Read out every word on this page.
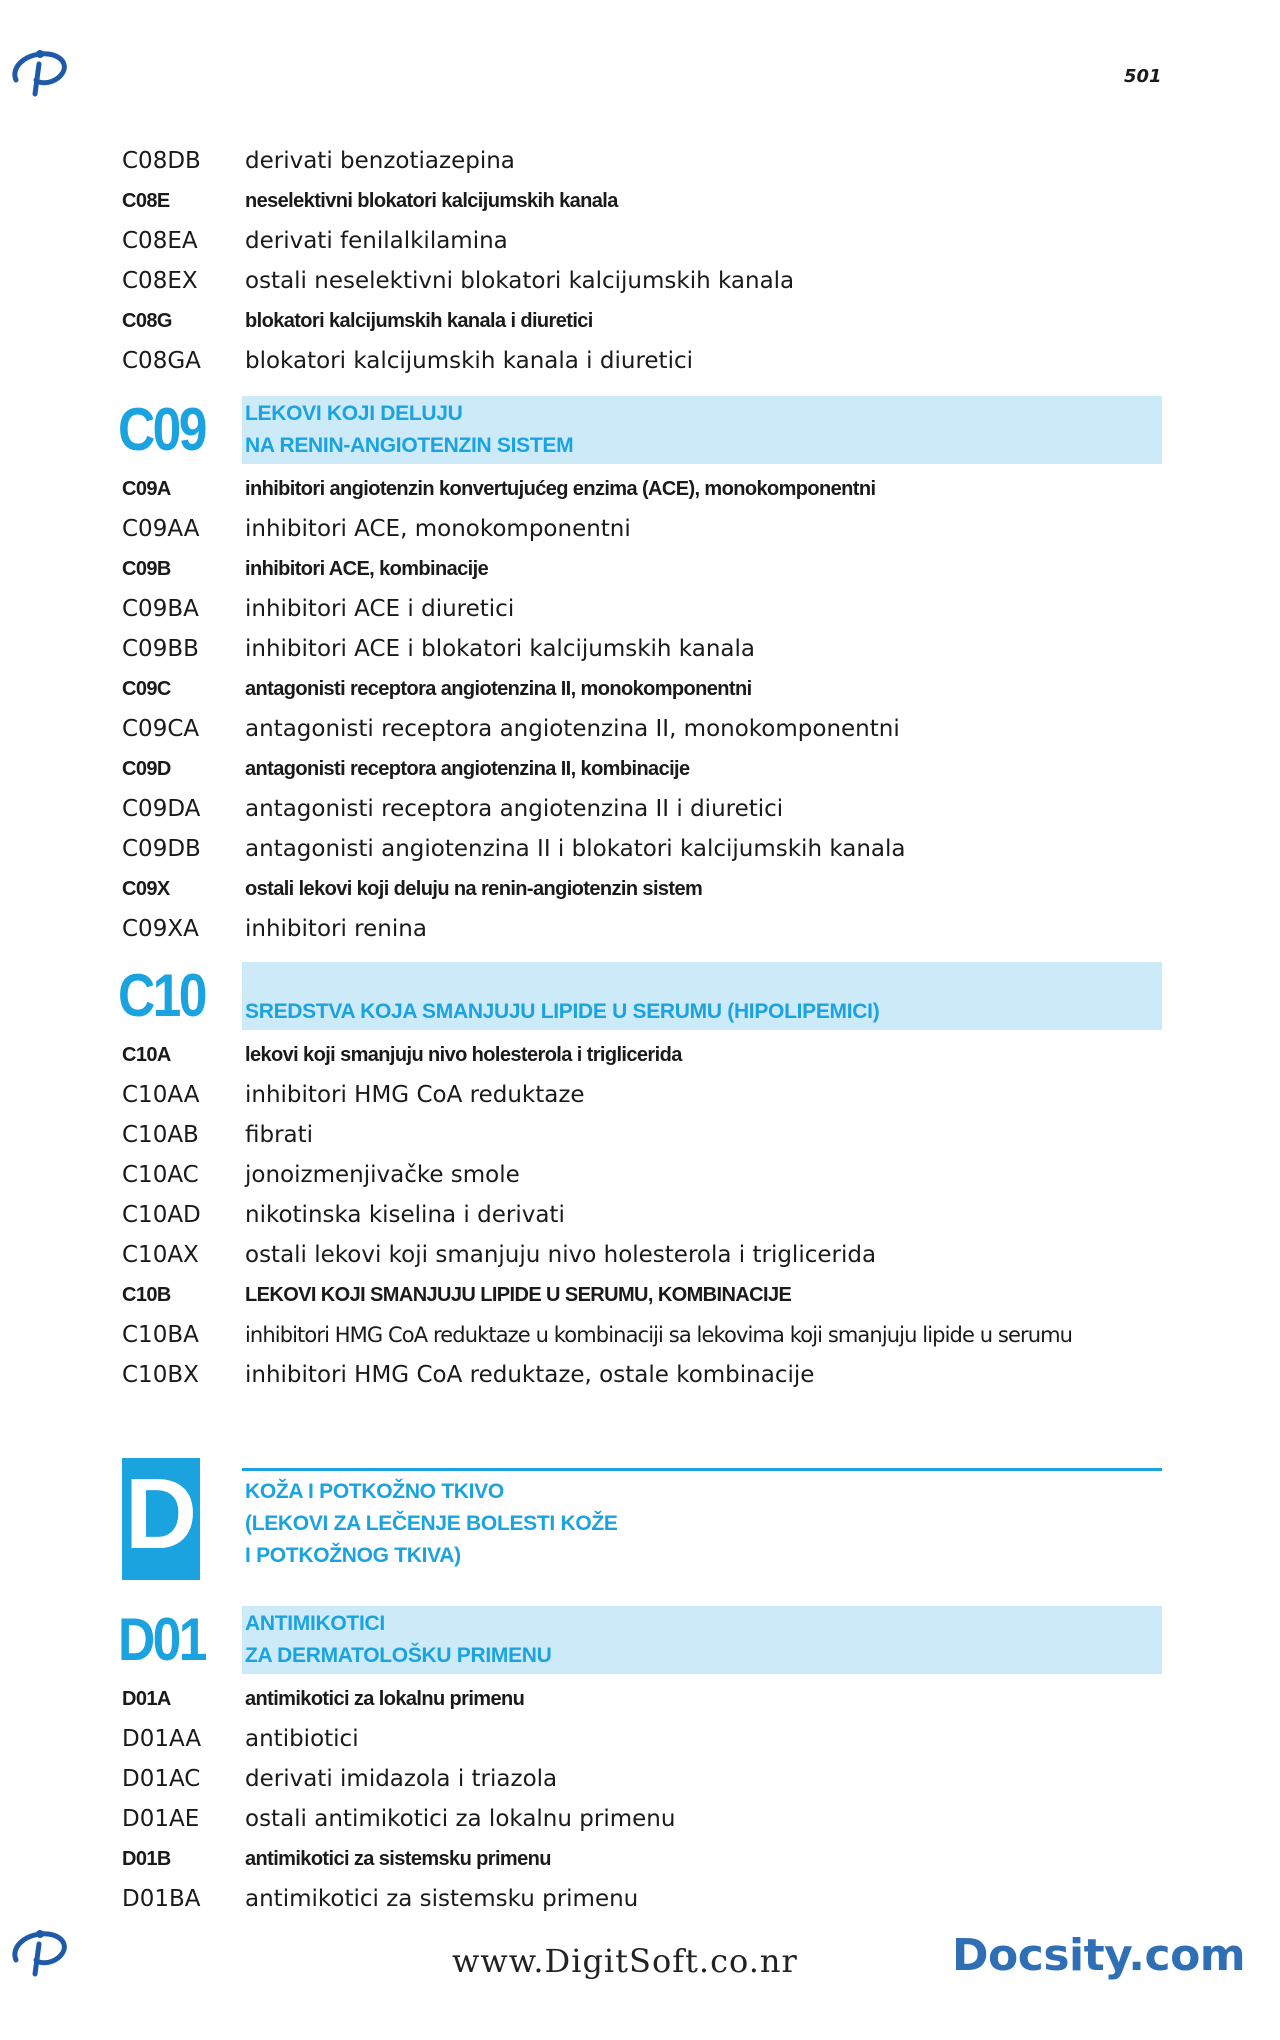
501
C08DB derivati benzotiazepina
C08E	neselektivni blokatori kalcijumskih kanala
C08EA derivati fenilalkilamina
C08EX ostali neselektivni blokatori kalcijumskih kanala
C08G	blokatori kalcijumskih kanala i diuretici
C08GA blokatori kalcijumskih kanala i diuretici
C09 LEKOVI KOJI DELUJU
NA RENIN-ANGIOTENZIN SISTEM
C09A	inhibitori angiotenzin konvertujućeg enzima (ACE), monokomponentni
C09AA inhibitori ACE, monokomponentni
C09B	inhibitori ACE, kombinacije
C09BA inhibitori ACE i diuretici
C09BB inhibitori ACE i blokatori kalcijumskih kanala
C09C	antagonisti receptora angiotenzina II, monokomponentni
C09CA antagonisti receptora angiotenzina II, monokomponentni
C09D	antagonisti receptora angiotenzina II, kombinacije
C09DA antagonisti receptora angiotenzina II i diuretici
C09DB antagonisti angiotenzina II i blokatori kalcijumskih kanala
C09X	ostali lekovi koji deluju na renin-angiotenzin sistem
C09XA inhibitori renina
C10 SREDSTVA KOJA SMANJUJU LIPIDE U SERUMU (HIPOLIPEMICI)
C10A	lekovi koji smanjuju nivo holesterola i triglicerida
C10AA inhibitori HMG CoA reduktaze
C10AB fibrati
C10AC jonoizmenjivačke smole
C10AD nikotinska kiselina i derivati
C10AX ostali lekovi koji smanjuju nivo holesterola i triglicerida
C10B	LEKOVI KOJI SMANJUJU LIPIDE U SERUMU, KOMBINACIJE
C10BA inhibitori HMG CoA reduktaze u kombinaciji sa lekovima koji smanjuju lipide u serumu
C10BX inhibitori HMG CoA reduktaze, ostale kombinacije
D KOŽA I POTKOŽNO TKIVO
(LEKOVI ZA LEČENJE BOLESTI KOŽE
I POTKOŽNOG TKIVA)
D01 ANTIMIKOTICI
ZA DERMATOLOŠKU PRIMENU
D01A	antimikotici za lokalnu primenu
D01AA antibiotici
D01AC derivati imidazola i triazola
D01AE ostali antimikotici za lokalnu primenu
D01B	antimikotici za sistemsku primenu
D01BA antimikotici za sistemsku primenu
www.DigitSoft.co.nr	Docsity.com
